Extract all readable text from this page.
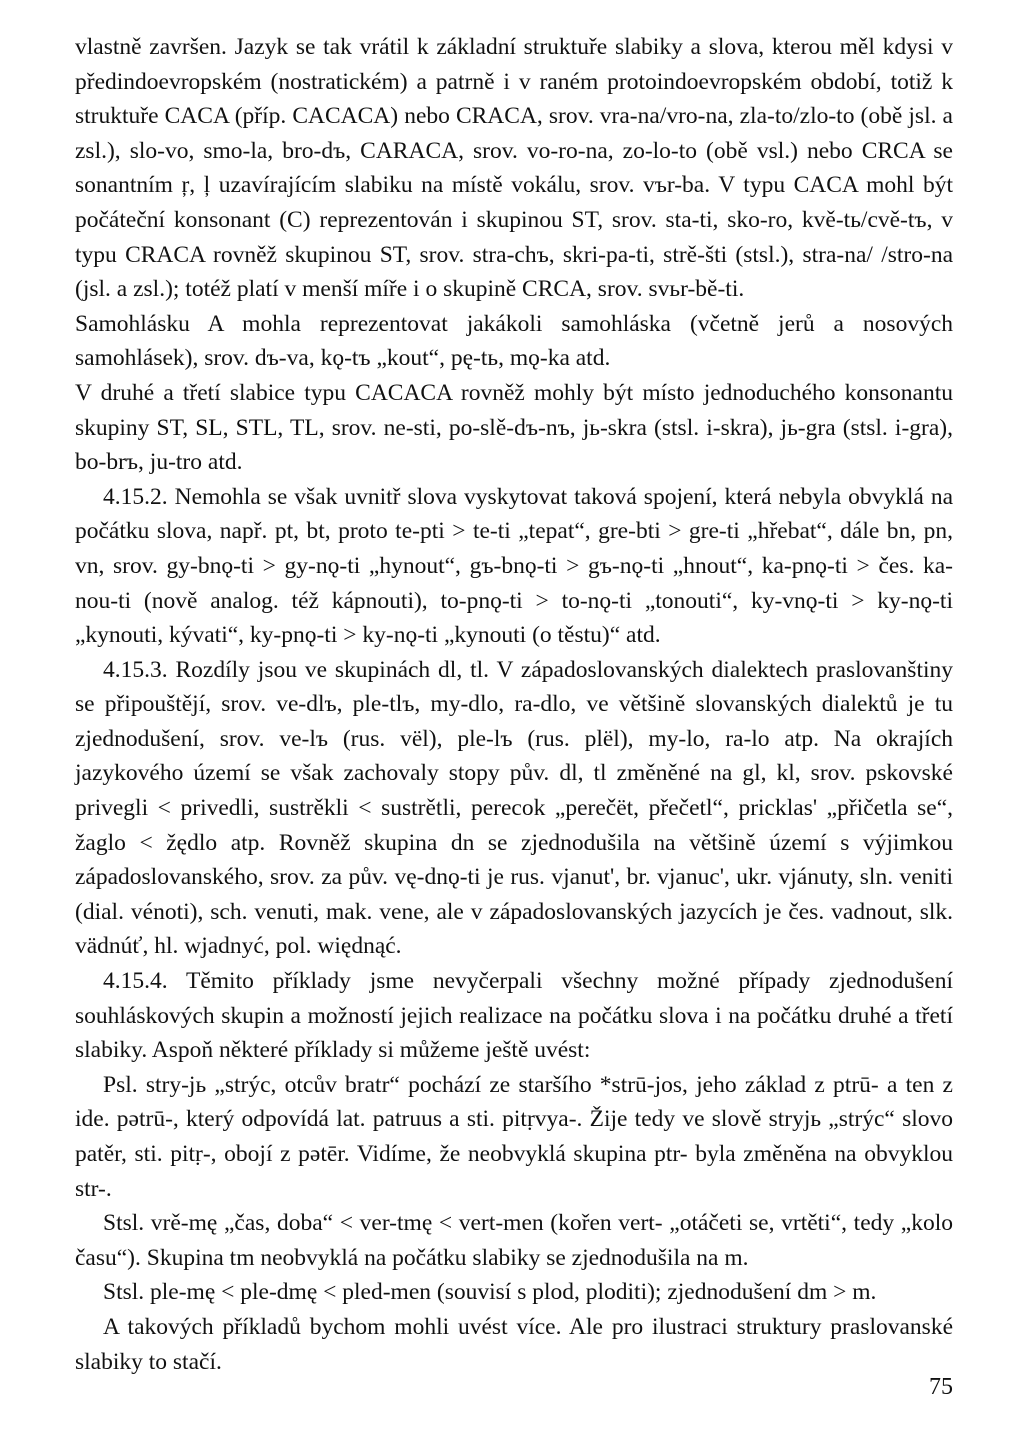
vlastně završen. Jazyk se tak vrátil k základní struktuře slabiky a slova, kterou měl kdysi v předindoevropském (nostratickém) a patrně i v raném protoindoevropském období, totiž k struktuře CACA (příp. CACACA) nebo CRACA, srov. vra-na/vro-na, zla-to/zlo-to (obě jsl. a zsl.), slo-vo, smo-la, bro-dъ, CARACA, srov. vo-ro-na, zo-lo-to (obě vsl.) nebo CRCA se sonantním ŗ, ļ uzavírajícím slabiku na místě vokálu, srov. vъr-ba. V typu CACA mohl být počáteční konsonant (C) reprezentován i skupinou ST, srov. sta-ti, sko-ro, kvě-tь/cvě-tъ, v typu CRACA rovněž skupinou ST, srov. stra-chъ, skri-pa-ti, strě-šti (stsl.), stra-na/ /stro-na (jsl. a zsl.); totéž platí v menší míře i o skupině CRCA, srov. svьr-bě-ti.

Samohlásku A mohla reprezentovat jakákoli samohláska (včetně jerů a nosových samohlásek), srov. dъ-va, kǫ-tъ „kout“, pę-tь, mǫ-ka atd.

V druhé a třetí slabice typu CACACA rovněž mohly být místo jednoduchého konsonantu skupiny ST, SL, STL, TL, srov. ne-sti, po-slě-dъ-nъ, jь-skra (stsl. i-skra), jь-gra (stsl. i-gra), bo-brъ, ju-tro atd.

4.15.2. Nemohla se však uvnitř slova vyskytovat taková spojení, která nebyla obvyklá na počátku slova, např. pt, bt, proto te-pti > te-ti „tepat“, gre-bti > gre-ti „hřebat“, dále bn, pn, vn, srov. gy-bnǫ-ti > gy-nǫ-ti „hynout“, gъ-bnǫ-ti > gъ-nǫ-ti „hnout“, ka-pnǫ-ti > čes. ka-nou-ti (nově analog. též kápnouti), to-pnǫ-ti > to-nǫ-ti „tonouti“, ky-vnǫ-ti > ky-nǫ-ti „kynouti, kývati“, ky-pnǫ-ti > ky-nǫ-ti „kynouti (o těstu)“ atd.

4.15.3. Rozdíly jsou ve skupinách dl, tl. V západoslovanských dialektech praslovanštiny se připouštějí, srov. ve-dlъ, ple-tlъ, my-dlo, ra-dlo, ve většině slovanských dialektů je tu zjednodušení, srov. ve-lъ (rus. vël), ple-lъ (rus. plël), my-lo, ra-lo atp. Na okrajích jazykového území se však zachovaly stopy pův. dl, tl změněné na gl, kl, srov. pskovské privegli < privedli, sustrěkli < sustrětli, perecok „perečët, přečetl“, pricklas' „přičetla se“, žaglo < žędlo atp. Rovněž skupina dn se zjednodušila na většině území s výjimkou západoslovanského, srov. za pův. vę-dnǫ-ti je rus. vjanut', br. vjanuc', ukr. vjánuty, sln. veniti (dial. vénoti), sch. venuti, mak. vene, ale v západoslovanských jazycích je čes. vadnout, slk. vädnúť, hl. wjadnyć, pol. więdnąć.

4.15.4. Těmito příklady jsme nevyčerpali všechny možné případy zjednodušení souhláskových skupin a možností jejich realizace na počátku slova i na počátku druhé a třetí slabiky. Aspoň některé příklady si můžeme ještě uvést:

Psl. stry-jь „strýc, otcův bratr“ pochází ze staršího *strū-jos, jeho základ z ptrū- a ten z ide. pətrū-, který odpovídá lat. patruus a sti. pitṛvya-. Žije tedy ve slově stryjь „strýc“ slovo patěr, sti. pitṛ-, obojí z pətēr. Vidíme, že neobvyklá skupina ptr- byla změněna na obvyklou str-.

Stsl. vrě-mę „čas, doba“ < ver-tmę < vert-men (kořen vert- „otáčeti se, vrtěti“, tedy „kolo času“). Skupina tm neobvyklá na počátku slabiky se zjednodušila na m.

Stsl. ple-mę < ple-dmę < pled-men (souvisí s plod, ploditi); zjednodušení dm > m.

A takových příkladů bychom mohli uvést více. Ale pro ilustraci struktury praslovanské slabiky to stačí.

75
